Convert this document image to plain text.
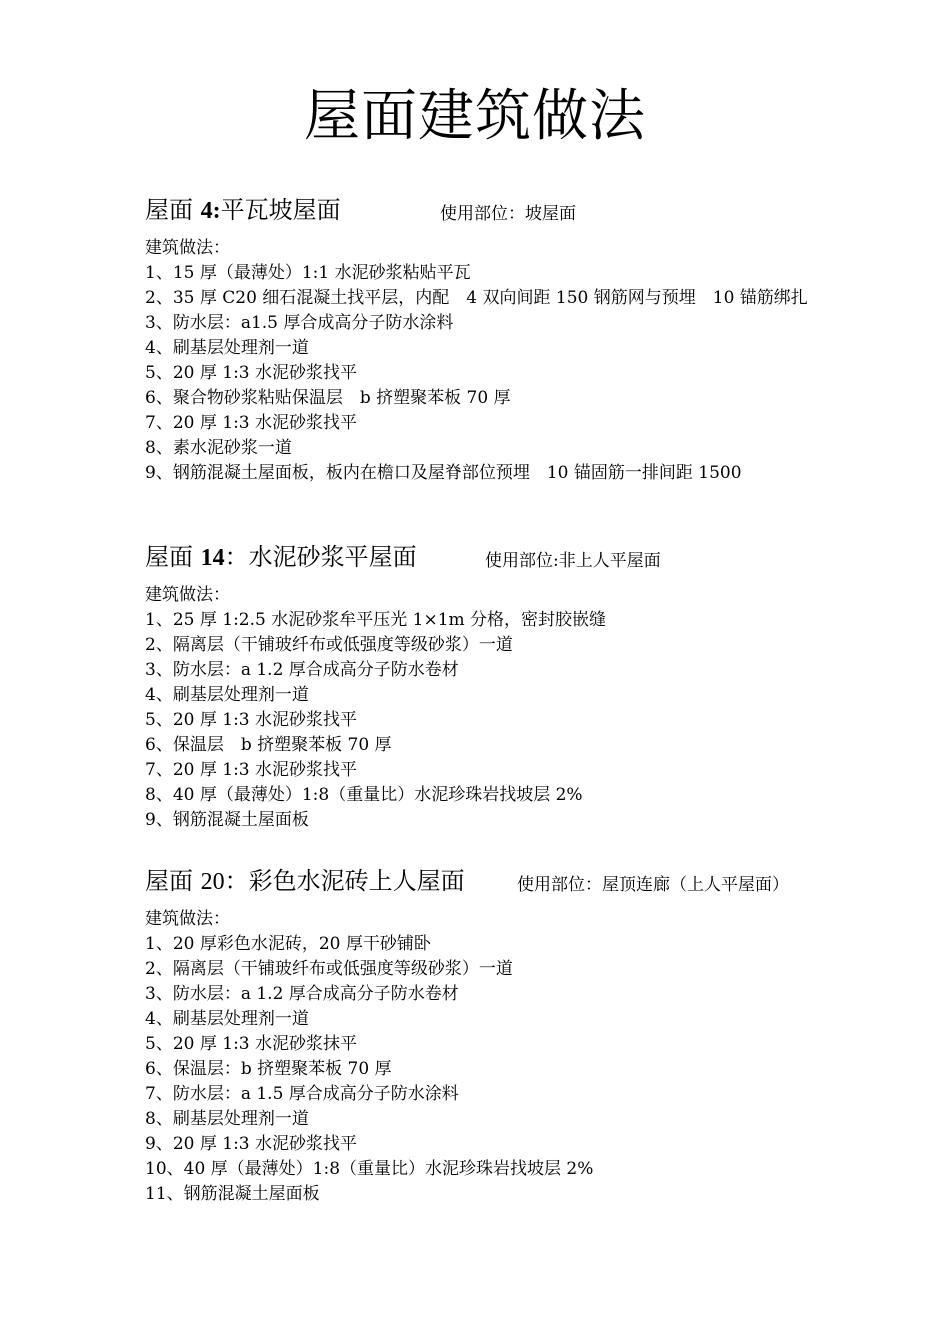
屋面建筑做法
屋面 4:平瓦坡屋面	使用部位：坡屋面
建筑做法：
1、15 厚（最薄处）1:1 水泥砂浆粘贴平瓦
2、35 厚 C20 细石混凝土找平层，内配　4 双向间距 150 钢筋网与预埋　10 锚筋绑扎
3、防水层：a1.5 厚合成高分子防水涂料
4、刷基层处理剂一道
5、20 厚 1:3 水泥砂浆找平
6、聚合物砂浆粘贴保温层　b 挤塑聚苯板 70 厚
7、20 厚 1:3 水泥砂浆找平
8、素水泥砂浆一道
9、钢筋混凝土屋面板，板内在檐口及屋脊部位预埋　10 锚固筋一排间距 1500
屋面 14：水泥砂浆平屋面	使用部位:非上人平屋面
建筑做法：
1、25 厚 1:2.5 水泥砂浆牟平压光 1×1m 分格，密封胶嵌缝
2、隔离层（干铺玻纤布或低强度等级砂浆）一道
3、防水层：a 1.2 厚合成高分子防水卷材
4、刷基层处理剂一道
5、20 厚 1:3 水泥砂浆找平
6、保温层　b 挤塑聚苯板 70 厚
7、20 厚 1:3 水泥砂浆找平
8、40 厚（最薄处）1:8（重量比）水泥珍珠岩找坡层 2%
9、钢筋混凝土屋面板
屋面 20：彩色水泥砖上人屋面	使用部位：屋顶连廊（上人平屋面）
建筑做法：
1、20 厚彩色水泥砖，20 厚干砂铺卧
2、隔离层（干铺玻纤布或低强度等级砂浆）一道
3、防水层：a 1.2 厚合成高分子防水卷材
4、刷基层处理剂一道
5、20 厚 1:3 水泥砂浆抹平
6、保温层：b 挤塑聚苯板 70 厚
7、防水层：a 1.5 厚合成高分子防水涂料
8、刷基层处理剂一道
9、20 厚 1:3 水泥砂浆找平
10、40 厚（最薄处）1:8（重量比）水泥珍珠岩找坡层 2%
11、钢筋混凝土屋面板
